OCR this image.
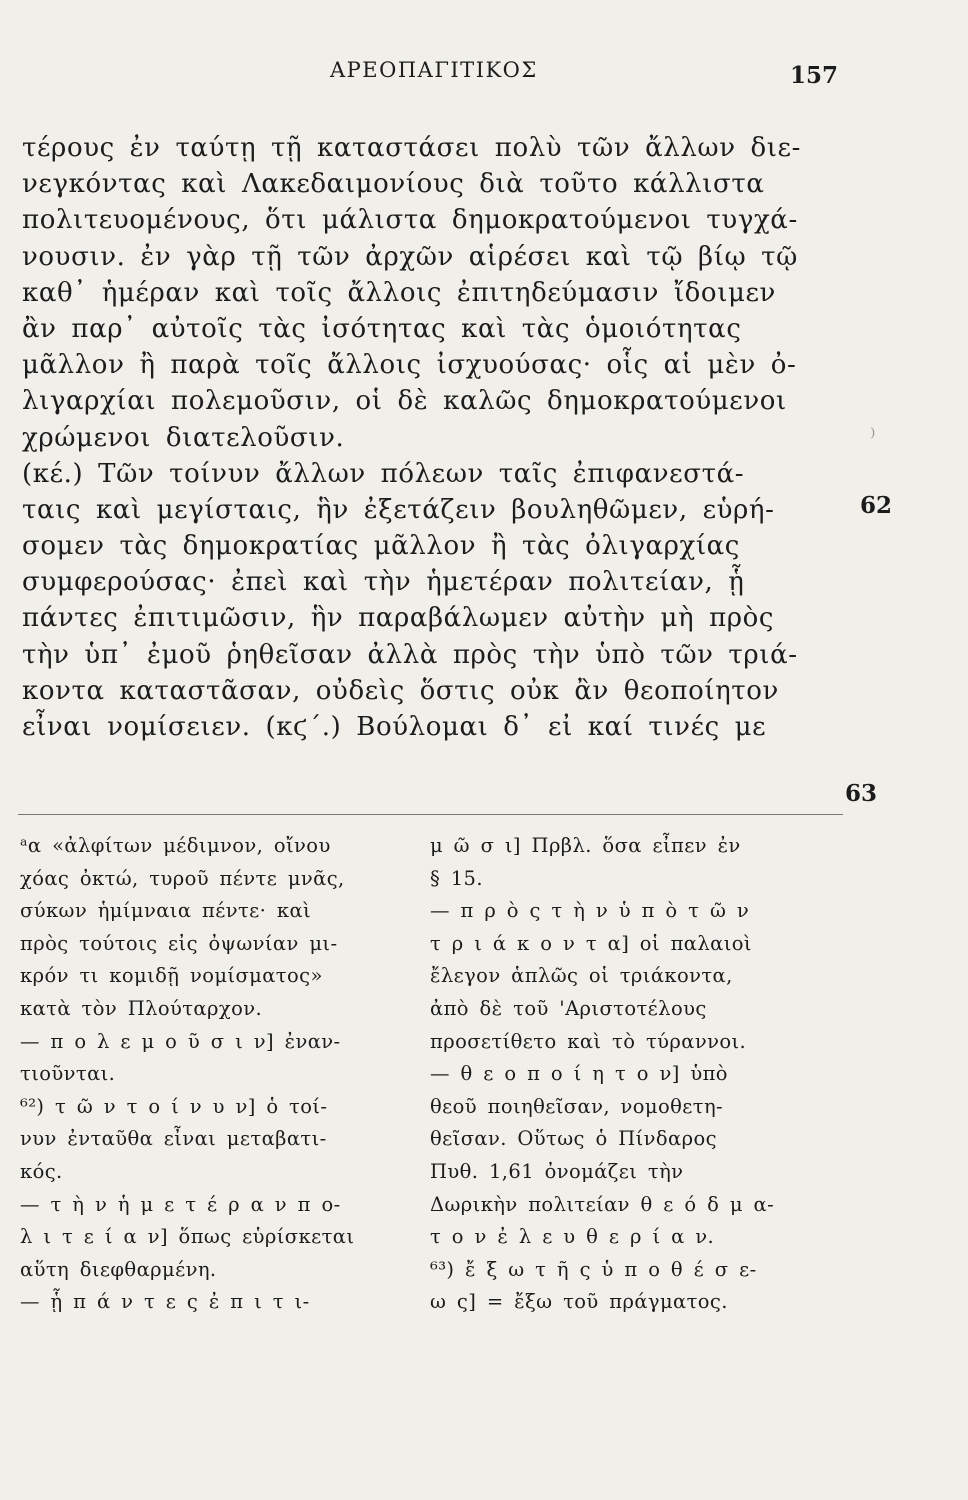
ΑΡΕΟΠΑΓΙΤΙΚΟΣ	157
τέρους ἐν ταύτῃ τῇ καταστάσει πολὺ τῶν ἄλλων διε-
νεγκόντας καὶ Λακεδαιμονίους διὰ τοῦτο κάλλιστα
πολιτευομένους, ὅτι μάλιστα δημοκρατούμενοι τυγχά-
νουσιν. ἐν γὰρ τῇ τῶν ἀρχῶν αἱρέσει καὶ τῷ βίῳ τῷ
καθ᾽ ἡμέραν καὶ τοῖς ἄλλοις ἐπιτηδεύμασιν ἴδοιμεν
ἂν παρ᾽ αὐτοῖς τὰς ἰσότητας καὶ τὰς ὁμοιότητας
μᾶλλον ἢ παρὰ τοῖς ἄλλοις ἰσχυούσας· οἷς αἱ μὲν ὀ-
λιγαρχίαι πολεμοῦσιν, οἱ δὲ καλῶς δημοκρατούμενοι
χρώμενοι διατελοῦσιν.
(κέ.) Τῶν τοίνυν ἄλλων πόλεων ταῖς ἐπιφανεστά-
ταις καὶ μεγίσταις, ἣν ἐξετάζειν βουληθῶμεν, εὑρή-
σομεν τὰς δημοκρατίας μᾶλλον ἢ τὰς ὀλιγαρχίας
συμφερούσας· ἐπεὶ καὶ τὴν ἡμετέραν πολιτείαν, ᾗ
πάντες ἐπιτιμῶσιν, ἣν παραβάλωμεν αὐτὴν μὴ πρὸς
τὴν ὑπ᾽ ἐμοῦ ῥηθεῖσαν ἀλλὰ πρὸς τὴν ὑπὸ τῶν τριά-
κοντα καταστᾶσαν, οὐδεὶς ὅστις οὐκ ἂν θεοποίητον
εἶναι νομίσειεν. (κϛ΄.) Βούλομαι δ᾽ εἰ καί τινές με
62
63
⁾
ᵃα «ἀλφίτων μέδιμνον, οἴνου
χόας ὀκτώ, τυροῦ πέντε μνᾶς,
σύκων ἡμίμναια πέντε· καὶ
πρὸς τούτοις εἰς ὀψωνίαν μι-
κρόν τι κομιδῇ νομίσματος»
κατὰ τὸν Πλούταρχον.
— π ο λ ε μ ο ῦ σ ι ν] ἐναν-
τιοῦνται.
⁶²) τ ῶ ν τ ο ί ν υ ν] ὁ τοί-
νυν ἐνταῦθα εἶναι μεταβατι-
κός.
— τ ὴ ν ἡ μ ε τ έ ρ α ν π ο-
λ ι τ ε ί α ν] ὅπως εὑρίσκεται
αὕτη διεφθαρμένη.
— ᾗ π ά ν τ ε ς ἐ π ι τ ι-
μ ῶ σ ι] Πρβλ. ὅσα εἶπεν ἐν
§ 15.
— π ρ ὸ ς τ ὴ ν ὑ π ὸ τ ῶ ν
τ ρ ι ά κ ο ν τ α] οἱ παλαιοὶ
ἔλεγον ἁπλῶς οἱ τριάκοντα,
ἀπὸ δὲ τοῦ 'Αριστοτέλους
προσετίθετο καὶ τὸ τύραννοι.
— θ ε ο π ο ί η τ ο ν] ὑπὸ
θεοῦ ποιηθεῖσαν, νομοθετη-
θεῖσαν. Οὕτως ὁ Πίνδαρος
Πυθ. 1,61 ὀνομάζει τὴν
Δωρικὴν πολιτείαν θ ε ό δ μ α-
τ ο ν ἐ λ ε υ θ ε ρ ί α ν.
⁶³) ἔ ξ ω τ ῆ ς ὑ π ο θ έ σ ε-
ω ς] = ἔξω τοῦ πράγματος.
